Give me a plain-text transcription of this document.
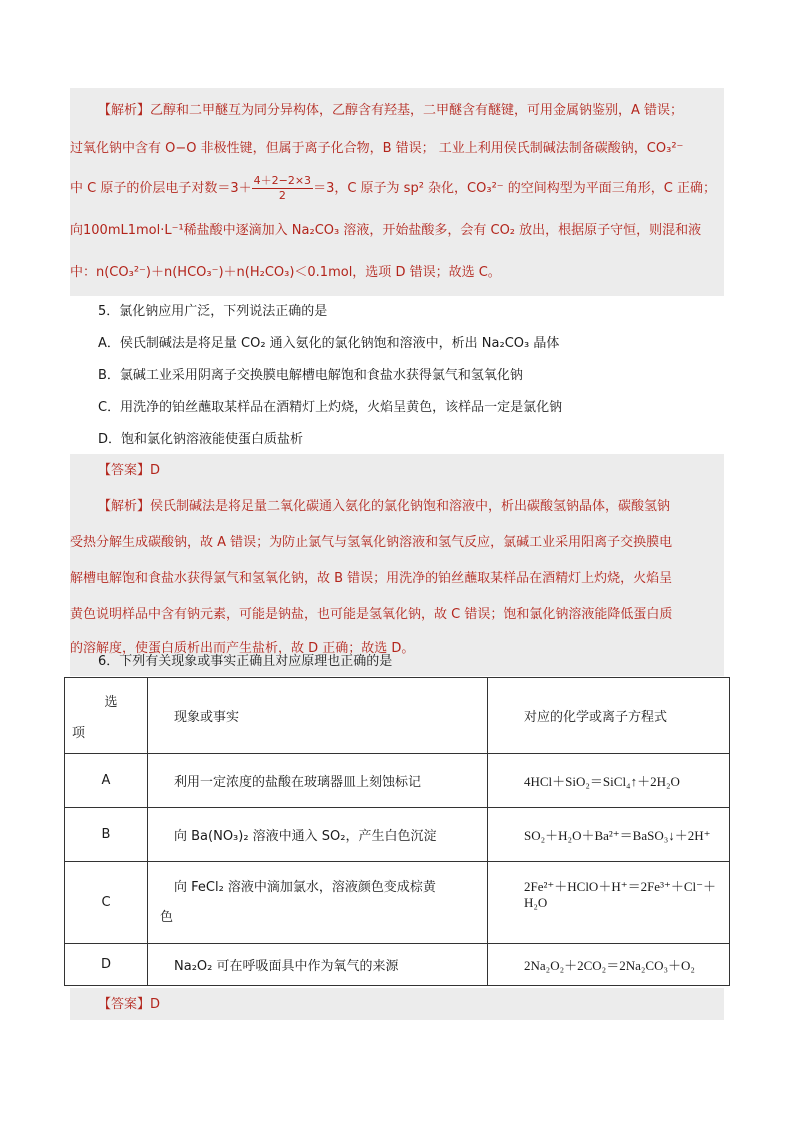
【解析】乙醇和二甲醚互为同分异构体，乙醇含有羟基，二甲醚含有醚键，可用金属钠鉴别，A 错误；
过氧化钠中含有 O−O 非极性键，但属于离子化合物，B 错误； 工业上利用侯氏制碱法制备碳酸钠，CO₃²⁻
中 C 原子的价层电子对数$=3+ \frac{4+2-2\times 3}{2} =3$，C 原子为 sp² 杂化，CO₃²⁻ 的空间构型为平面三角形，C 正确；
向100mL1mol·L⁻¹稀盐酸中逐滴加入 Na₂CO₃ 溶液，开始盐酸多，会有 CO₂ 放出，根据原子守恒，则混和液
中：n(CO₃²⁻)＋n(HCO₃⁻)＋n(H₂CO₃)＜0.1mol，选项 D 错误；故选 C。
5．氯化钠应用广泛，下列说法正确的是
A．侯氏制碱法是将足量 CO₂ 通入氨化的氯化钠饱和溶液中，析出 Na₂CO₃ 晶体
B．氯碱工业采用阴离子交换膜电解槽电解饱和食盐水获得氯气和氢氧化钠
C．用洗净的铂丝蘸取某样品在酒精灯上灼烧，火焰呈黄色，该样品一定是氯化钠
D．饱和氯化钠溶液能使蛋白质盐析
【答案】D
【解析】侯氏制碱法是将足量二氧化碳通入氨化的氯化钠饱和溶液中，析出碳酸氢钠晶体，碳酸氢钠
受热分解生成碳酸钠，故 A 错误；为防止氯气与氢氧化钠溶液和氢气反应，氯碱工业采用阳离子交换膜电
解槽电解饱和食盐水获得氯气和氢氧化钠，故 B 错误；用洗净的铂丝蘸取某样品在酒精灯上灼烧，火焰呈
黄色说明样品中含有钠元素，可能是钠盐，也可能是氢氧化钠，故 C 错误；饱和氯化钠溶液能降低蛋白质
的溶解度，使蛋白质析出而产生盐析，故 D 正确；故选 D。
6．下列有关现象或事实正确且对应原理也正确的是
选
项	现象或事实	对应的化学或离子方程式
A	利用一定浓度的盐酸在玻璃器皿上刻蚀标记	4HCl＋SiO₂＝SiCl₄↑＋2H₂O
B	向 Ba(NO₃)₂ 溶液中通入 SO₂，产生白色沉淀	SO₂＋H₂O＋Ba²⁺＝BaSO₃↓＋2H⁺
C	向 FeCl₂ 溶液中滴加氯水，溶液颜色变成棕黄
色	2Fe²⁺＋HClO＋H⁺＝2Fe³⁺＋Cl⁻＋H₂O
D	Na₂O₂ 可在呼吸面具中作为氧气的来源	2Na₂O₂＋2CO₂＝2Na₂CO₃＋O₂
【答案】D
